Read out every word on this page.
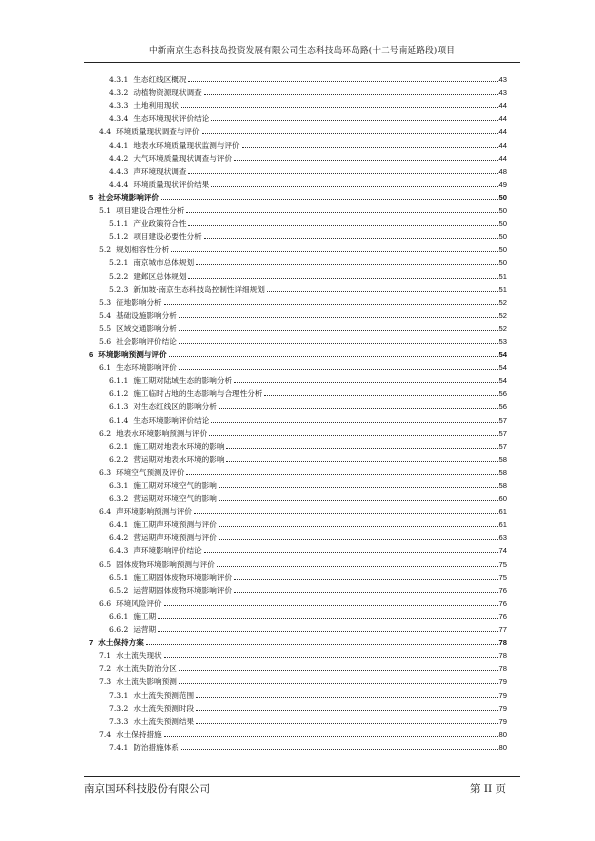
中新南京生态科技岛投资发展有限公司生态科技岛环岛路(十二号南延路段)项目
4.3.1 生态红线区概况	43
4.3.2 动植物资源现状调查	43
4.3.3 土地利用现状	44
4.3.4 生态环境现状评价结论	44
4.4 环境质量现状调查与评价	44
4.4.1 地表水环境质量现状监测与评价	44
4.4.2 大气环境质量现状调查与评价	44
4.4.3 声环境现状调查	48
4.4.4 环境质量现状评价结果	49
5 社会环境影响评价	50
5.1 项目建设合理性分析	50
5.1.1 产业政策符合性	50
5.1.2 项目建设必要性分析	50
5.2 规划相容性分析	50
5.2.1 南京城市总体规划	50
5.2.2 建邺区总体规划	51
5.2.3 新加坡·南京生态科技岛控制性详细规划	51
5.3 征地影响分析	52
5.4 基础设施影响分析	52
5.5 区域交通影响分析	52
5.6 社会影响评价结论	53
6 环境影响预测与评价	54
6.1 生态环境影响评价	54
6.1.1 施工期对陆域生态的影响分析	54
6.1.2 施工临时占地的生态影响与合理性分析	56
6.1.3 对生态红线区的影响分析	56
6.1.4 生态环境影响评价结论	57
6.2 地表水环境影响预测与评价	57
6.2.1 施工期对地表水环境的影响	57
6.2.2 营运期对地表水环境的影响	58
6.3 环境空气预测及评价	58
6.3.1 施工期对环境空气的影响	58
6.3.2 营运期对环境空气的影响	60
6.4 声环境影响预测与评价	61
6.4.1 施工期声环境预测与评价	61
6.4.2 营运期声环境预测与评价	63
6.4.3 声环境影响评价结论	74
6.5 固体废物环境影响预测与评价	75
6.5.1 施工期固体废物环境影响评价	75
6.5.2 运营期固体废物环境影响评价	76
6.6 环境风险评价	76
6.6.1 施工期	76
6.6.2 运营期	77
7 水土保持方案	78
7.1 水土流失现状	78
7.2 水土流失防治分区	78
7.3 水土流失影响预测	79
7.3.1 水土流失预测范围	79
7.3.2 水土流失预测时段	79
7.3.3 水土流失预测结果	79
7.4 水土保持措施	80
7.4.1 防治措施体系	80
南京国环科技股份有限公司	第 II 页
